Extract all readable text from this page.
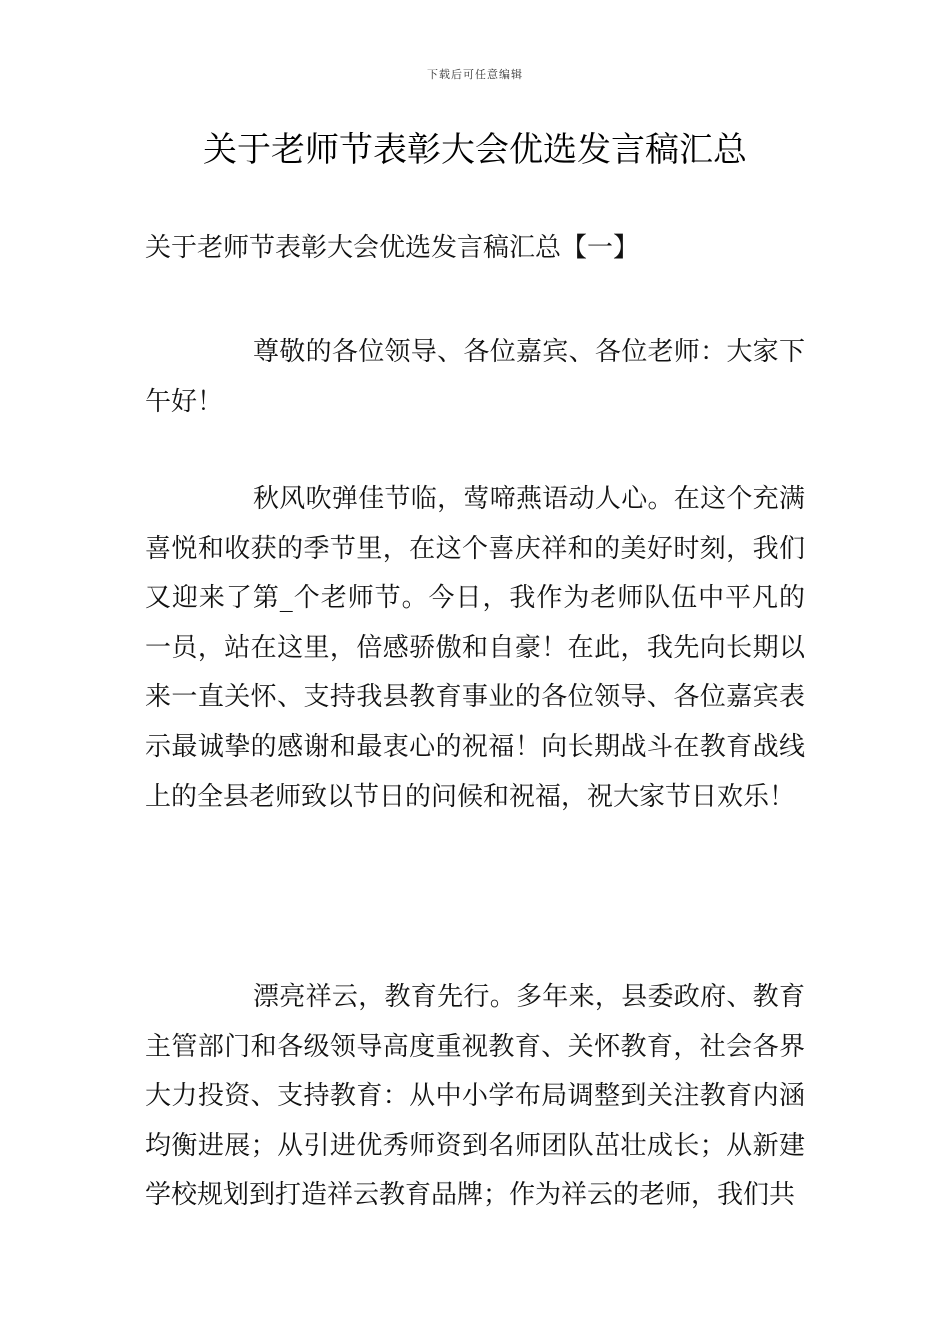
下载后可任意编辑
关于老师节表彰大会优选发言稿汇总
关于老师节表彰大会优选发言稿汇总【一】

尊敬的各位领导、各位嘉宾、各位老师：大家下午好！

秋风吹弹佳节临，莺啼燕语动人心。在这个充满喜悦和收获的季节里，在这个喜庆祥和的美好时刻，我们又迎来了第_个老师节。今日，我作为老师队伍中平凡的一员，站在这里，倍感骄傲和自豪！在此，我先向长期以来一直关怀、支持我县教育事业的各位领导、各位嘉宾表示最诚挚的感谢和最衷心的祝福！向长期战斗在教育战线上的全县老师致以节日的问候和祝福，祝大家节日欢乐！

漂亮祥云，教育先行。多年来，县委政府、教育主管部门和各级领导高度重视教育、关怀教育，社会各界大力投资、支持教育：从中小学布局调整到关注教育内涵均衡进展；从引进优秀师资到名师团队茁壮成长；从新建学校规划到打造祥云教育品牌；作为祥云的老师，我们共
